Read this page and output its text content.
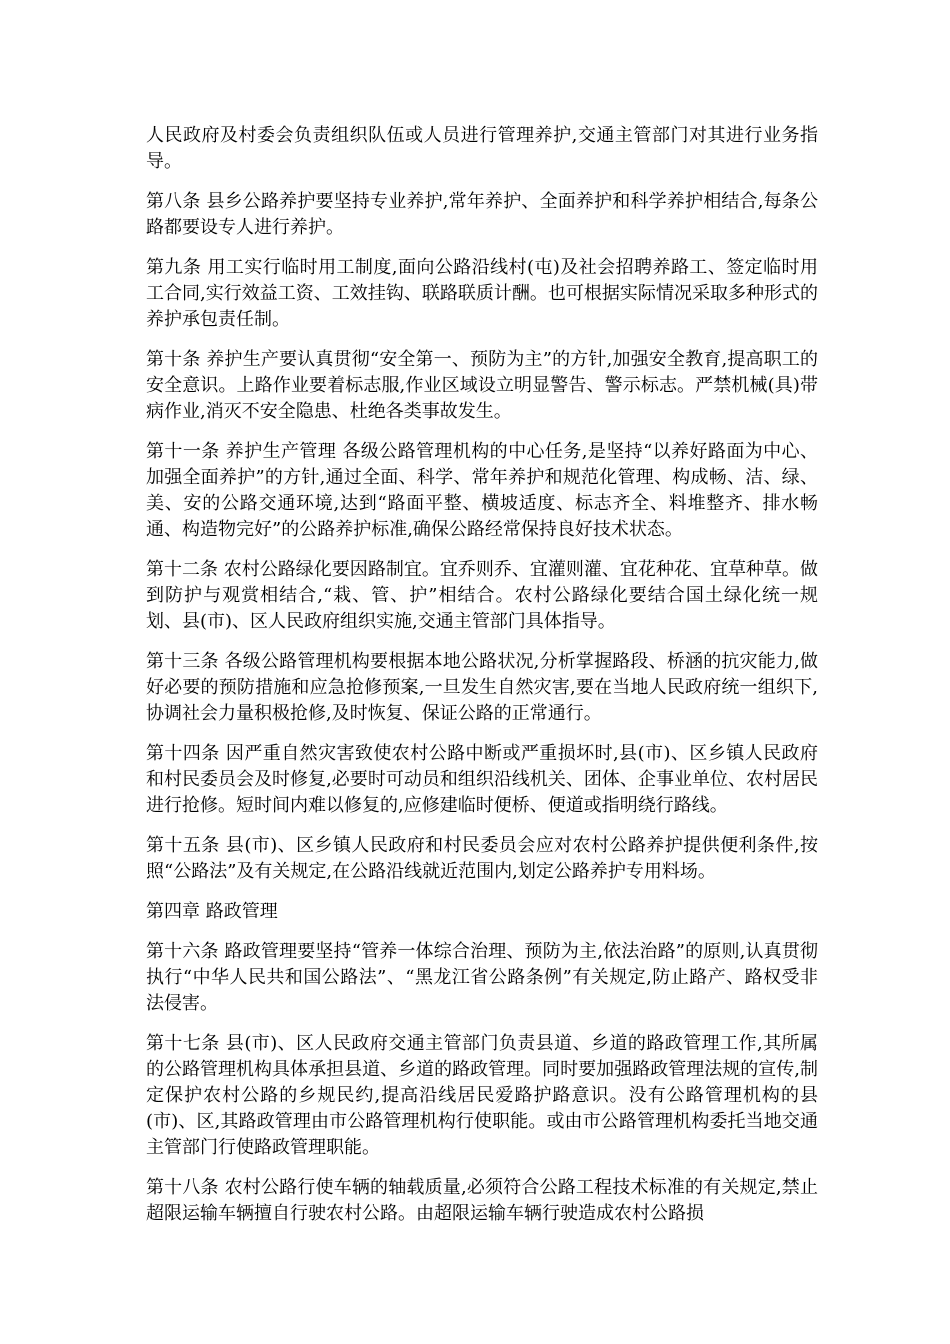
人民政府及村委会负责组织队伍或人员进行管理养护,交通主管部门对其进行业务指导。

第八条 县乡公路养护要坚持专业养护,常年养护、全面养护和科学养护相结合,每条公路都要设专人进行养护。

第九条 用工实行临时用工制度,面向公路沿线村(屯)及社会招聘养路工、签定临时用工合同,实行效益工资、工效挂钩、联路联质计酬。也可根据实际情况采取多种形式的养护承包责任制。

第十条 养护生产要认真贯彻“安全第一、预防为主”的方针,加强安全教育,提高职工的安全意识。上路作业要着标志服,作业区域设立明显警告、警示标志。严禁机械(具)带病作业,消灭不安全隐患、杜绝各类事故发生。

第十一条 养护生产管理 各级公路管理机构的中心任务,是坚持“以养好路面为中心、加强全面养护”的方针,通过全面、科学、常年养护和规范化管理、构成畅、洁、绿、美、安的公路交通环境,达到“路面平整、横坡适度、标志齐全、料堆整齐、排水畅通、构造物完好”的公路养护标准,确保公路经常保持良好技术状态。

第十二条 农村公路绿化要因路制宜。宜乔则乔、宜灌则灌、宜花种花、宜草种草。做到防护与观赏相结合,“栽、管、护”相结合。农村公路绿化要结合国土绿化统一规划、县(市)、区人民政府组织实施,交通主管部门具体指导。

第十三条 各级公路管理机构要根据本地公路状况,分析掌握路段、桥涵的抗灾能力,做好必要的预防措施和应急抢修预案,一旦发生自然灾害,要在当地人民政府统一组织下,协调社会力量积极抢修,及时恢复、保证公路的正常通行。

第十四条 因严重自然灾害致使农村公路中断或严重损坏时,县(市)、区乡镇人民政府和村民委员会及时修复,必要时可动员和组织沿线机关、团体、企事业单位、农村居民进行抢修。短时间内难以修复的,应修建临时便桥、便道或指明绕行路线。

第十五条 县(市)、区乡镇人民政府和村民委员会应对农村公路养护提供便利条件,按照“公路法”及有关规定,在公路沿线就近范围内,划定公路养护专用料场。

第四章 路政管理

第十六条 路政管理要坚持“管养一体综合治理、预防为主,依法治路”的原则,认真贯彻执行“中华人民共和国公路法”、“黑龙江省公路条例”有关规定,防止路产、路权受非法侵害。

第十七条 县(市)、区人民政府交通主管部门负责县道、乡道的路政管理工作,其所属的公路管理机构具体承担县道、乡道的路政管理。同时要加强路政管理法规的宣传,制定保护农村公路的乡规民约,提高沿线居民爱路护路意识。没有公路管理机构的县(市)、区,其路政管理由市公路管理机构行使职能。或由市公路管理机构委托当地交通主管部门行使路政管理职能。

第十八条 农村公路行使车辆的轴载质量,必须符合公路工程技术标准的有关规定,禁止超限运输车辆擅自行驶农村公路。由超限运输车辆行驶造成农村公路损
